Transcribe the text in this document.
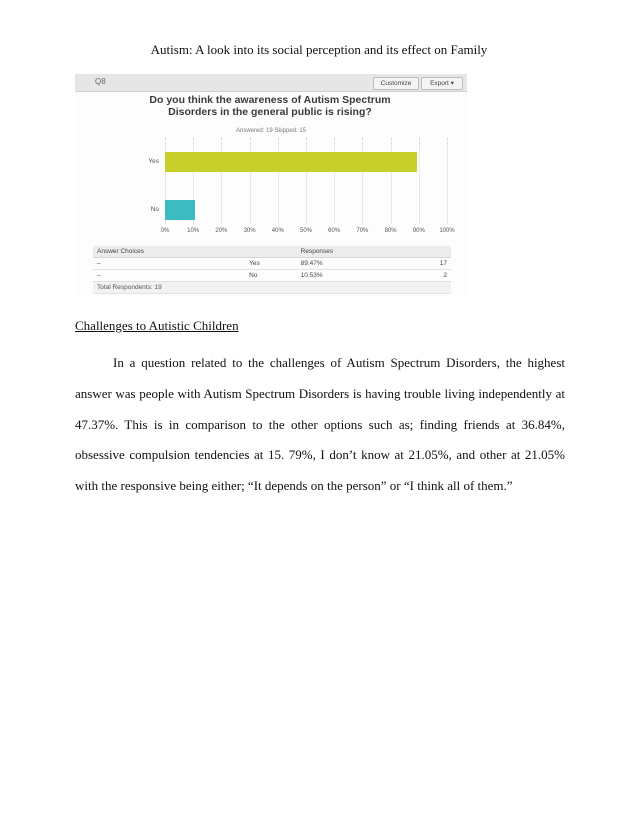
Autism: A look into its social perception and its effect on Family
Q8	Customize	Export ▾
Do you think the awareness of Autism Spectrum Disorders in the general public is rising?
Answered: 19 Skipped: 15
Yes
No
0%	10%	20%	30%	40%	50%	60%	70%	80%	90% 100%
Answer Choices		Responses	
–	Yes	89.47%	17
–	No	10.53%	2
Total Respondents: 19			
Challenges to Autistic Children

In a question related to the challenges of Autism Spectrum Disorders, the highest answer was people with Autism Spectrum Disorders is having trouble living independently at 47.37%. This is in comparison to the other options such as; finding friends at 36.84%, obsessive compulsion tendencies at 15. 79%, I don’t know at 21.05%, and other at 21.05% with the responsive being either; “It depends on the person” or “I think all of them.”
